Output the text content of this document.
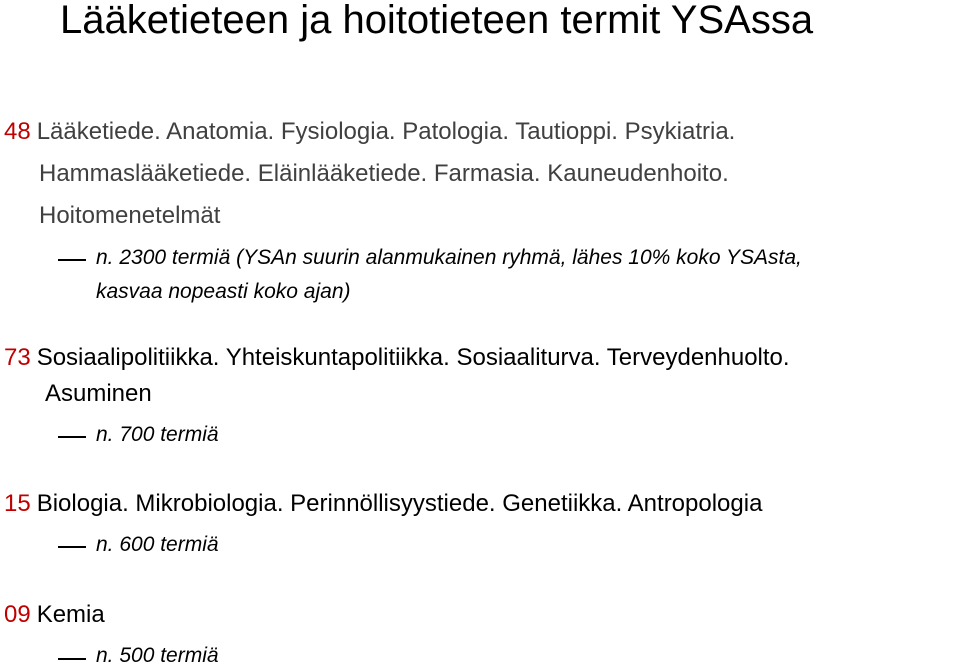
Lääketieteen ja hoitotieteen termit YSAssa
48 Lääketiede. Anatomia. Fysiologia. Patologia. Tautioppi. Psykiatria.
Hammaslääketiede. Eläinlääketiede. Farmasia. Kauneudenhoito.
Hoitomenetelmät
n. 2300 termiä (YSAn suurin alanmukainen ryhmä, lähes 10% koko YSAsta,
kasvaa nopeasti koko ajan)
73 Sosiaalipolitiikka. Yhteiskuntapolitiikka. Sosiaaliturva. Terveydenhuolto.
Asuminen
n. 700 termiä
15 Biologia. Mikrobiologia. Perinnöllisyystiede. Genetiikka. Antropologia
n. 600 termiä
09 Kemia
n. 500 termiä
